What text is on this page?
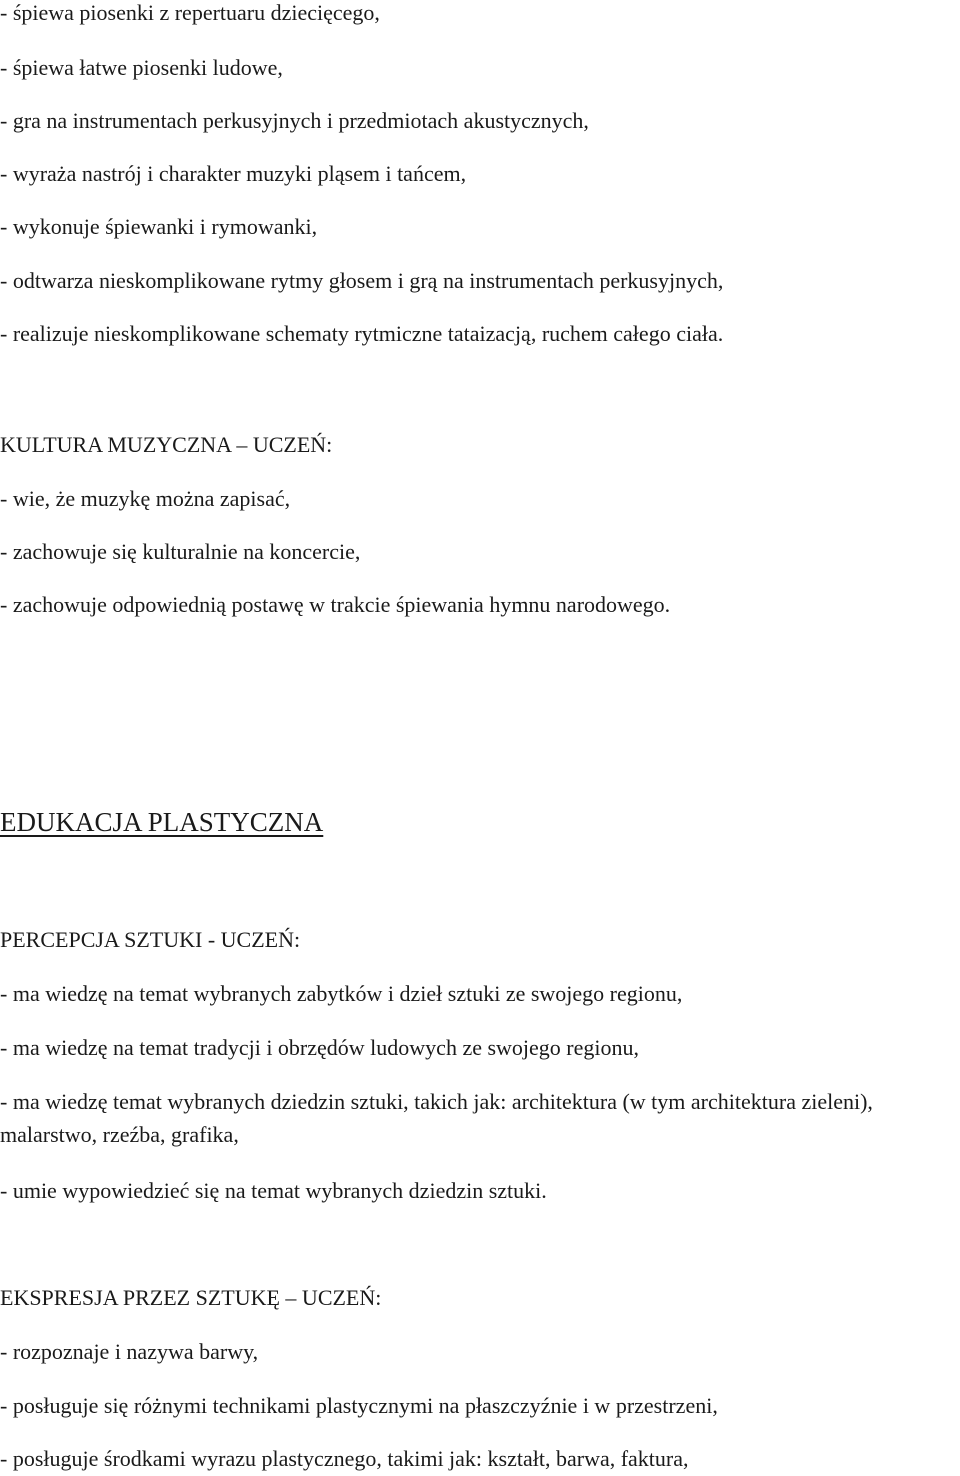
- śpiewa piosenki z repertuaru dziecięcego,
- śpiewa łatwe piosenki ludowe,
- gra na instrumentach perkusyjnych i przedmiotach akustycznych,
- wyraża nastrój i charakter muzyki pląsem i tańcem,
- wykonuje śpiewanki i rymowanki,
- odtwarza nieskomplikowane rytmy głosem i grą na instrumentach perkusyjnych,
- realizuje nieskomplikowane schematy rytmiczne tataizacją, ruchem całego ciała.
KULTURA MUZYCZNA – UCZEŃ:
- wie, że muzykę można zapisać,
- zachowuje się kulturalnie na koncercie,
- zachowuje odpowiednią postawę w trakcie śpiewania hymnu narodowego.
EDUKACJA PLASTYCZNA
PERCEPCJA SZTUKI - UCZEŃ:
- ma wiedzę na temat wybranych zabytków i dzieł sztuki ze swojego regionu,
- ma wiedzę na temat tradycji i obrzędów ludowych ze swojego regionu,
- ma wiedzę temat wybranych dziedzin sztuki, takich jak: architektura (w tym architektura zieleni), malarstwo, rzeźba, grafika,
- umie wypowiedzieć się na temat wybranych dziedzin sztuki.
EKSPRESJA PRZEZ SZTUKĘ – UCZEŃ:
- rozpoznaje i nazywa barwy,
- posługuje się różnymi technikami plastycznymi na płaszczyźnie i w przestrzeni,
- posługuje środkami wyrazu plastycznego, takimi jak: kształt, barwa, faktura,
